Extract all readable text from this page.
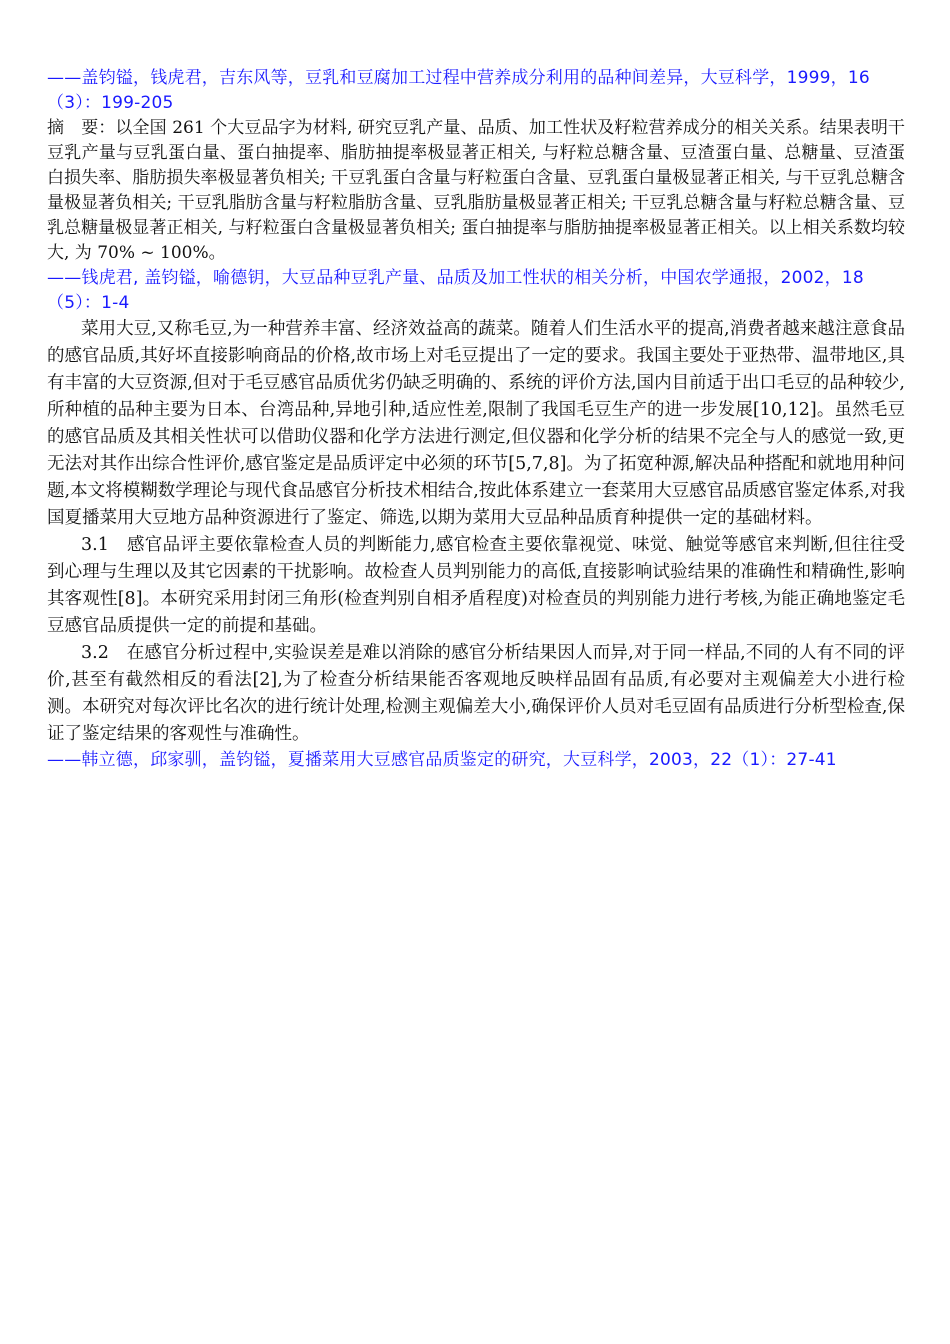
——盖钧镒，钱虎君，吉东风等，豆乳和豆腐加工过程中营养成分利用的品种间差异，大豆科学，1999，16（3）：199-205

摘　要：以全国 261 个大豆品字为材料, 研究豆乳产量、品质、加工性状及籽粒营养成分的相关关系。结果表明干豆乳产量与豆乳蛋白量、蛋白抽提率、脂肪抽提率极显著正相关, 与籽粒总糖含量、豆渣蛋白量、总糖量、豆渣蛋白损失率、脂肪损失率极显著负相关; 干豆乳蛋白含量与籽粒蛋白含量、豆乳蛋白量极显著正相关, 与干豆乳总糖含量极显著负相关; 干豆乳脂肪含量与籽粒脂肪含量、豆乳脂肪量极显著正相关; 干豆乳总糖含量与籽粒总糖含量、豆乳总糖量极显著正相关, 与籽粒蛋白含量极显著负相关; 蛋白抽提率与脂肪抽提率极显著正相关。以上相关系数均较大, 为 70% ~ 100%。

——钱虎君, 盖钧镒，喻德钥，大豆品种豆乳产量、品质及加工性状的相关分析，中国农学通报，2002，18（5）：1-4

菜用大豆,又称毛豆,为一种营养丰富、经济效益高的蔬菜。随着人们生活水平的提高,消费者越来越注意食品的感官品质,其好坏直接影响商品的价格,故市场上对毛豆提出了一定的要求。我国主要处于亚热带、温带地区,具有丰富的大豆资源,但对于毛豆感官品质优劣仍缺乏明确的、系统的评价方法,国内目前适于出口毛豆的品种较少,所种植的品种主要为日本、台湾品种,异地引种,适应性差,限制了我国毛豆生产的进一步发展[10,12]。虽然毛豆的感官品质及其相关性状可以借助仪器和化学方法进行测定,但仪器和化学分析的结果不完全与人的感觉一致,更无法对其作出综合性评价,感官鉴定是品质评定中必须的环节[5,7,8]。为了拓宽种源,解决品种搭配和就地用种问题,本文将模糊数学理论与现代食品感官分析技术相结合,按此体系建立一套菜用大豆感官品质感官鉴定体系,对我国夏播菜用大豆地方品种资源进行了鉴定、筛选,以期为菜用大豆品种品质育种提供一定的基础材料。

3.1　感官品评主要依靠检查人员的判断能力,感官检查主要依靠视觉、味觉、触觉等感官来判断,但往往受到心理与生理以及其它因素的干扰影响。故检查人员判别能力的高低,直接影响试验结果的准确性和精确性,影响其客观性[8]。本研究采用封闭三角形(检查判别自相矛盾程度)对检查员的判别能力进行考核,为能正确地鉴定毛豆感官品质提供一定的前提和基础。

3.2　在感官分析过程中,实验误差是难以消除的感官分析结果因人而异,对于同一样品,不同的人有不同的评价,甚至有截然相反的看法[2],为了检查分析结果能否客观地反映样品固有品质,有必要对主观偏差大小进行检测。本研究对每次评比名次的进行统计处理,检测主观偏差大小,确保评价人员对毛豆固有品质进行分析型检查,保证了鉴定结果的客观性与准确性。

——韩立德，邱家驯，盖钧镒，夏播菜用大豆感官品质鉴定的研究，大豆科学，2003，22（1）：27-41
